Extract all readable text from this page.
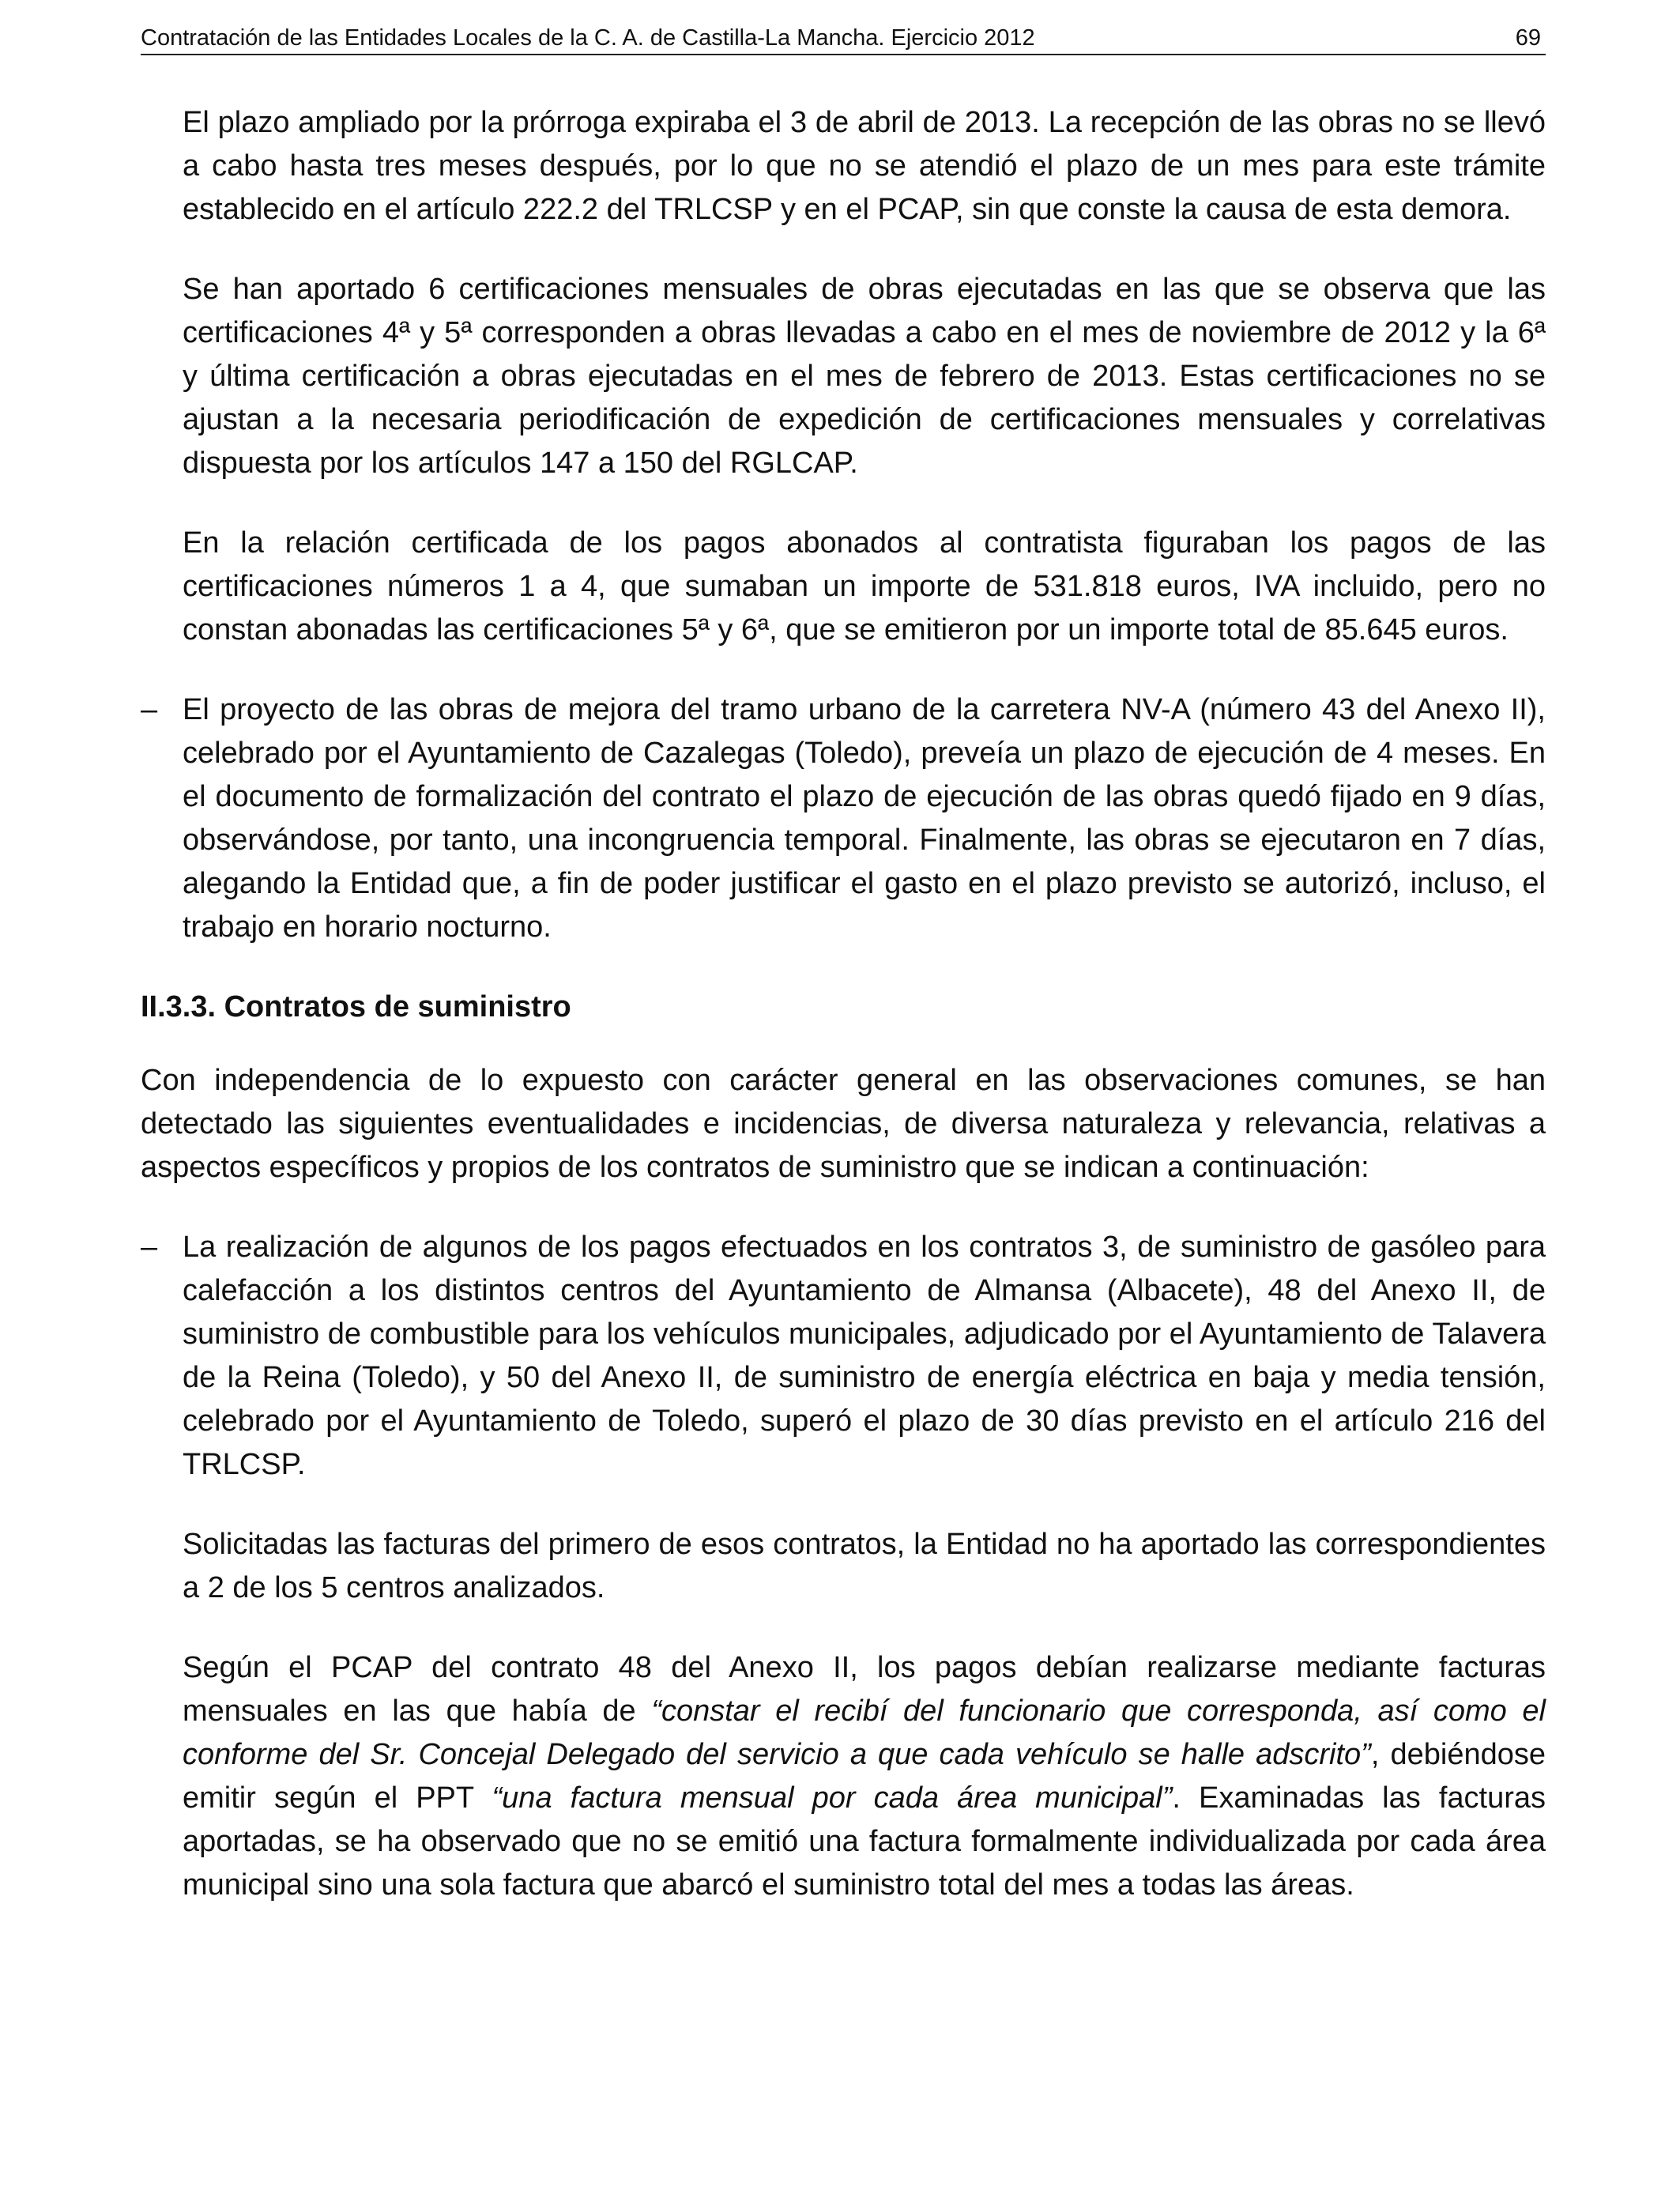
Contratación de las Entidades Locales de la C. A. de Castilla-La Mancha. Ejercicio 2012	69

El plazo ampliado por la prórroga expiraba el 3 de abril de 2013. La recepción de las obras no se llevó a cabo hasta tres meses después, por lo que no se atendió el plazo de un mes para este trámite establecido en el artículo 222.2 del TRLCSP y en el PCAP, sin que conste la causa de esta demora.

Se han aportado 6 certificaciones mensuales de obras ejecutadas en las que se observa que las certificaciones 4ª y 5ª corresponden a obras llevadas a cabo en el mes de noviembre de 2012 y la 6ª y última certificación a obras ejecutadas en el mes de febrero de 2013. Estas certificaciones no se ajustan a la necesaria periodificación de expedición de certificaciones mensuales y correlativas dispuesta por los artículos 147 a 150 del RGLCAP.

En la relación certificada de los pagos abonados al contratista figuraban los pagos de las certificaciones números 1 a 4, que sumaban un importe de 531.818 euros, IVA incluido, pero no constan abonadas las certificaciones 5ª y 6ª, que se emitieron por un importe total de 85.645 euros.

– El proyecto de las obras de mejora del tramo urbano de la carretera NV-A (número 43 del Anexo II), celebrado por el Ayuntamiento de Cazalegas (Toledo), preveía un plazo de ejecución de 4 meses. En el documento de formalización del contrato el plazo de ejecución de las obras quedó fijado en 9 días, observándose, por tanto, una incongruencia temporal. Finalmente, las obras se ejecutaron en 7 días, alegando la Entidad que, a fin de poder justificar el gasto en el plazo previsto se autorizó, incluso, el trabajo en horario nocturno.

II.3.3. Contratos de suministro

Con independencia de lo expuesto con carácter general en las observaciones comunes, se han detectado las siguientes eventualidades e incidencias, de diversa naturaleza y relevancia, relativas a aspectos específicos y propios de los contratos de suministro que se indican a continuación:

– La realización de algunos de los pagos efectuados en los contratos 3, de suministro de gasóleo para calefacción a los distintos centros del Ayuntamiento de Almansa (Albacete), 48 del Anexo II, de suministro de combustible para los vehículos municipales, adjudicado por el Ayuntamiento de Talavera de la Reina (Toledo), y 50 del Anexo II, de suministro de energía eléctrica en baja y media tensión, celebrado por el Ayuntamiento de Toledo, superó el plazo de 30 días previsto en el artículo 216 del TRLCSP.

Solicitadas las facturas del primero de esos contratos, la Entidad no ha aportado las correspondientes a 2 de los 5 centros analizados.

Según el PCAP del contrato 48 del Anexo II, los pagos debían realizarse mediante facturas mensuales en las que había de “constar el recibí del funcionario que corresponda, así como el conforme del Sr. Concejal Delegado del servicio a que cada vehículo se halle adscrito”, debiéndose emitir según el PPT “una factura mensual por cada área municipal”. Examinadas las facturas aportadas, se ha observado que no se emitió una factura formalmente individualizada por cada área municipal sino una sola factura que abarcó el suministro total del mes a todas las áreas.
